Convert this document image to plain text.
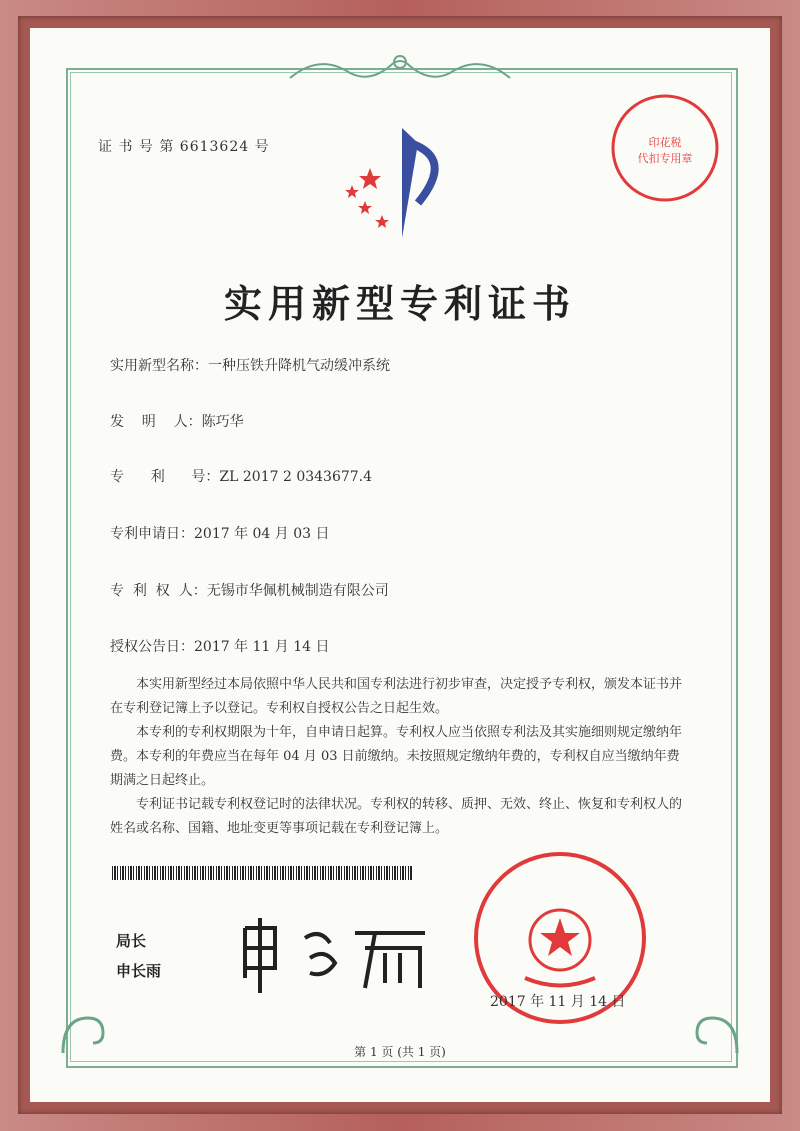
证 书 号 第 6613624 号	印花税
代扣专用章
实用新型专利证书
实用新型名称：一种压铁升降机气动缓冲系统
发    明    人：陈巧华
专      利      号：ZL 2017 2 0343677.4
专利申请日：2017 年 04 月 03 日
专  利  权  人：无锡市华佩机械制造有限公司
授权公告日：2017 年 11 月 14 日

本实用新型经过本局依照中华人民共和国专利法进行初步审查，决定授予专利权，颁发本证书并在专利登记簿上予以登记。专利权自授权公告之日起生效。

本专利的专利权期限为十年，自申请日起算。专利权人应当依照专利法及其实施细则规定缴纳年费。本专利的年费应当在每年 04 月 03 日前缴纳。未按照规定缴纳年费的，专利权自应当缴纳年费期满之日起终止。

专利证书记载专利权登记时的法律状况。专利权的转移、质押、无效、终止、恢复和专利权人的姓名或名称、国籍、地址变更等事项记载在专利登记簿上。

局长
申长雨
2017 年 11 月 14 日
第 1 页 (共 1 页)
